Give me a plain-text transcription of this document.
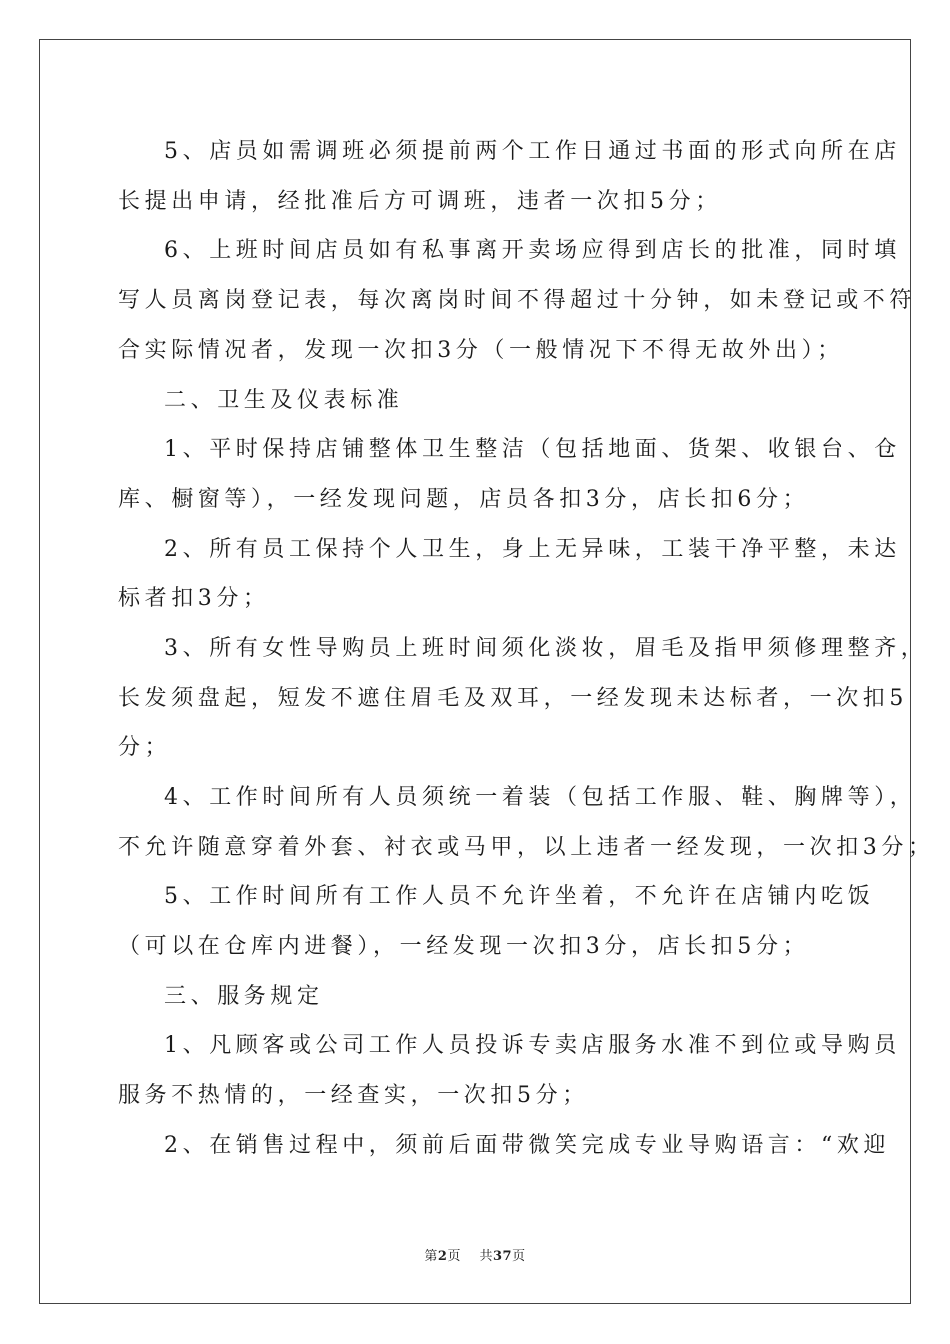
5、店员如需调班必须提前两个工作日通过书面的形式向所在店
长提出申请，经批准后方可调班，违者一次扣5分；
6、上班时间店员如有私事离开卖场应得到店长的批准，同时填
写人员离岗登记表，每次离岗时间不得超过十分钟，如未登记或不符
合实际情况者，发现一次扣3分（一般情况下不得无故外出）；
二、卫生及仪表标准
1、平时保持店铺整体卫生整洁（包括地面、货架、收银台、仓
库、橱窗等），一经发现问题，店员各扣3分，店长扣6分；
2、所有员工保持个人卫生，身上无异味，工装干净平整，未达
标者扣3分；
3、所有女性导购员上班时间须化淡妆，眉毛及指甲须修理整齐，
长发须盘起，短发不遮住眉毛及双耳，一经发现未达标者，一次扣5
分；
4、工作时间所有人员须统一着装（包括工作服、鞋、胸牌等），
不允许随意穿着外套、衬衣或马甲，以上违者一经发现，一次扣3分；
5、工作时间所有工作人员不允许坐着，不允许在店铺内吃饭
（可以在仓库内进餐），一经发现一次扣3分，店长扣5分；
三、服务规定
1、凡顾客或公司工作人员投诉专卖店服务水准不到位或导购员
服务不热情的，一经查实，一次扣5分；
2、在销售过程中，须前后面带微笑完成专业导购语言：“欢迎
第2页 共37页
